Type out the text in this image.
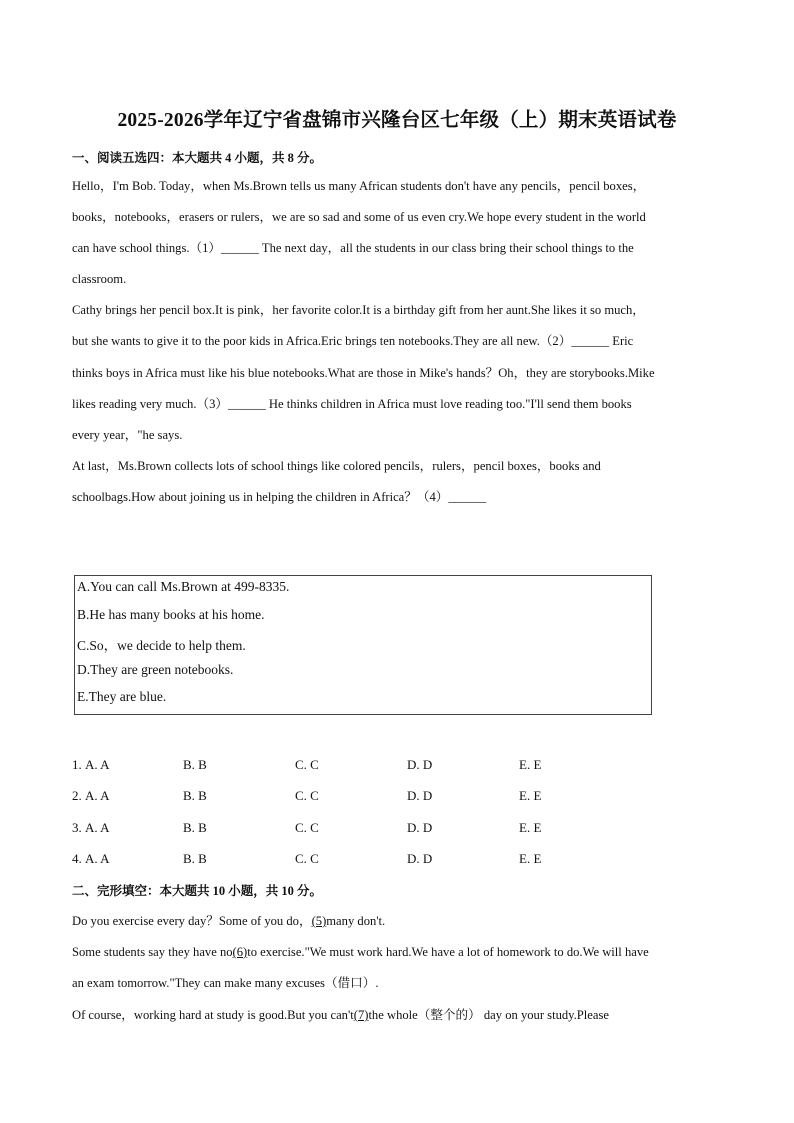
2025-2026学年辽宁省盘锦市兴隆台区七年级（上）期末英语试卷
一、阅读五选四：本大题共 4 小题，共 8 分。
Hello，I'm Bob. Today，when Ms.Brown tells us many African students don't have any pencils，pencil boxes，
books，notebooks，erasers or rulers，we are so sad and some of us even cry.We hope every student in the world
can have school things.（1）______ The next day，all the students in our class bring their school things to the
classroom.
Cathy brings her pencil box.It is pink，her favorite color.It is a birthday gift from her aunt.She likes it so much，
but she wants to give it to the poor kids in Africa.Eric brings ten notebooks.They are all new.（2）______ Eric
thinks boys in Africa must like his blue notebooks.What are those in Mike's hands？Oh，they are storybooks.Mike
likes reading very much.（3）______ He thinks children in Africa must love reading too."I'll send them books
every year，"he says.
At last，Ms.Brown collects lots of school things like colored pencils，rulers，pencil boxes，books and
schoolbags.How about joining us in helping the children in Africa？（4）______
A.You can call Ms.Brown at 499-8335.
B.He has many books at his home.
C.So，we decide to help them.
D.They are green notebooks.
E.They are blue.
1. A. A	B. B	C. C	D. D	E. E
2. A. A	B. B	C. C	D. D	E. E
3. A. A	B. B	C. C	D. D	E. E
4. A. A	B. B	C. C	D. D	E. E
二、完形填空：本大题共 10 小题，共 10 分。
Do you exercise every day？Some of you do，(5)many don't.
Some students say they have no(6)to exercise."We must work hard.We have a lot of homework to do.We will have
an exam tomorrow."They can make many excuses（借口）.
Of course，working hard at study is good.But you can't(7)the whole（整个的） day on your study.Please
